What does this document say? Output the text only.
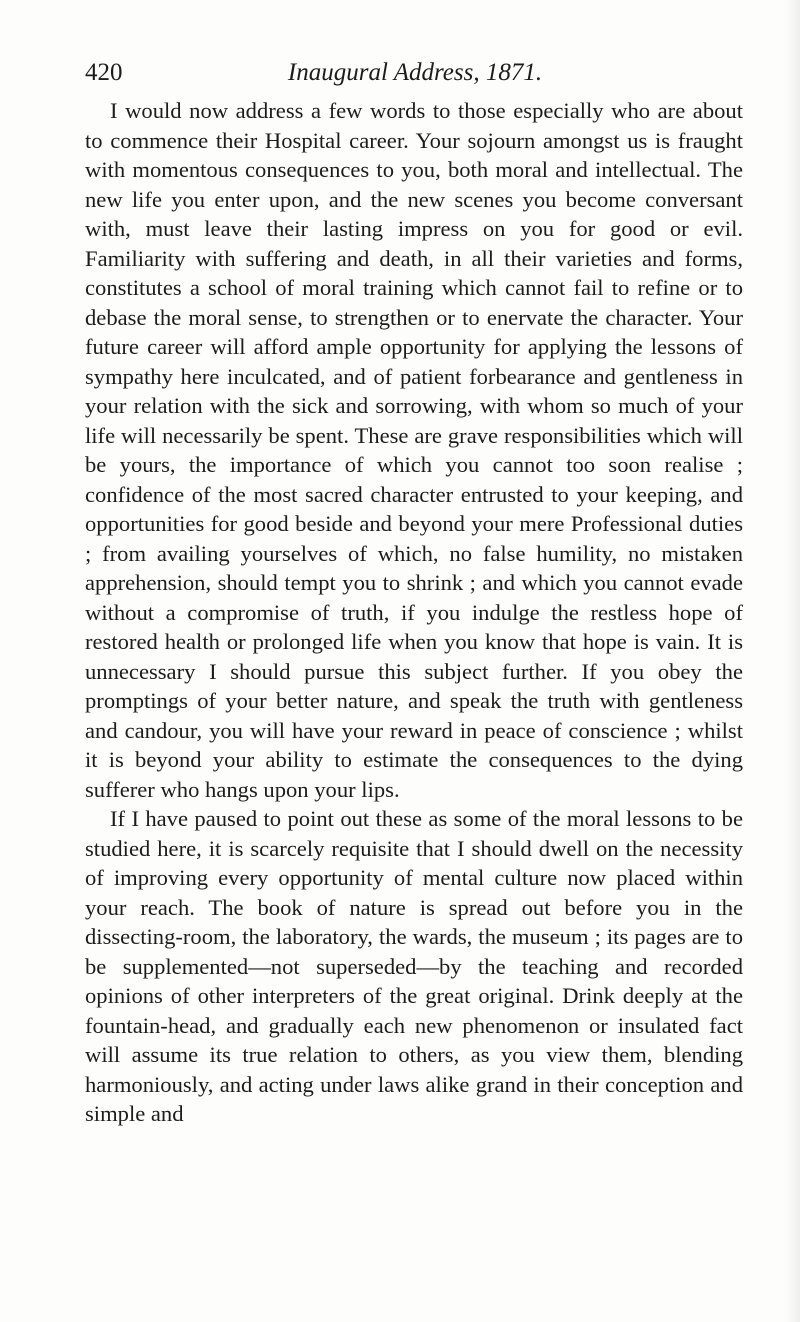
420	Inaugural Address, 1871.

I would now address a few words to those especially who are about to commence their Hospital career. Your sojourn amongst us is fraught with momentous consequences to you, both moral and intellectual. The new life you enter upon, and the new scenes you become conversant with, must leave their lasting impress on you for good or evil. Familiarity with suffering and death, in all their varieties and forms, constitutes a school of moral training which cannot fail to refine or to debase the moral sense, to strengthen or to enervate the character. Your future career will afford ample opportunity for applying the lessons of sympathy here inculcated, and of patient forbearance and gentleness in your relation with the sick and sorrowing, with whom so much of your life will necessarily be spent. These are grave responsibilities which will be yours, the importance of which you cannot too soon realise ; confidence of the most sacred character entrusted to your keeping, and opportunities for good beside and beyond your mere Professional duties ; from availing yourselves of which, no false humility, no mistaken apprehension, should tempt you to shrink ; and which you cannot evade without a compromise of truth, if you indulge the restless hope of restored health or prolonged life when you know that hope is vain. It is unnecessary I should pursue this subject further. If you obey the promptings of your better nature, and speak the truth with gentleness and candour, you will have your reward in peace of conscience ; whilst it is beyond your ability to estimate the consequences to the dying sufferer who hangs upon your lips.

If I have paused to point out these as some of the moral lessons to be studied here, it is scarcely requisite that I should dwell on the necessity of improving every opportunity of mental culture now placed within your reach. The book of nature is spread out before you in the dissecting-room, the laboratory, the wards, the museum ; its pages are to be supplemented—not superseded—by the teaching and recorded opinions of other interpreters of the great original. Drink deeply at the fountain-head, and gradually each new phenomenon or insulated fact will assume its true relation to others, as you view them, blending harmoniously, and acting under laws alike grand in their conception and simple and
